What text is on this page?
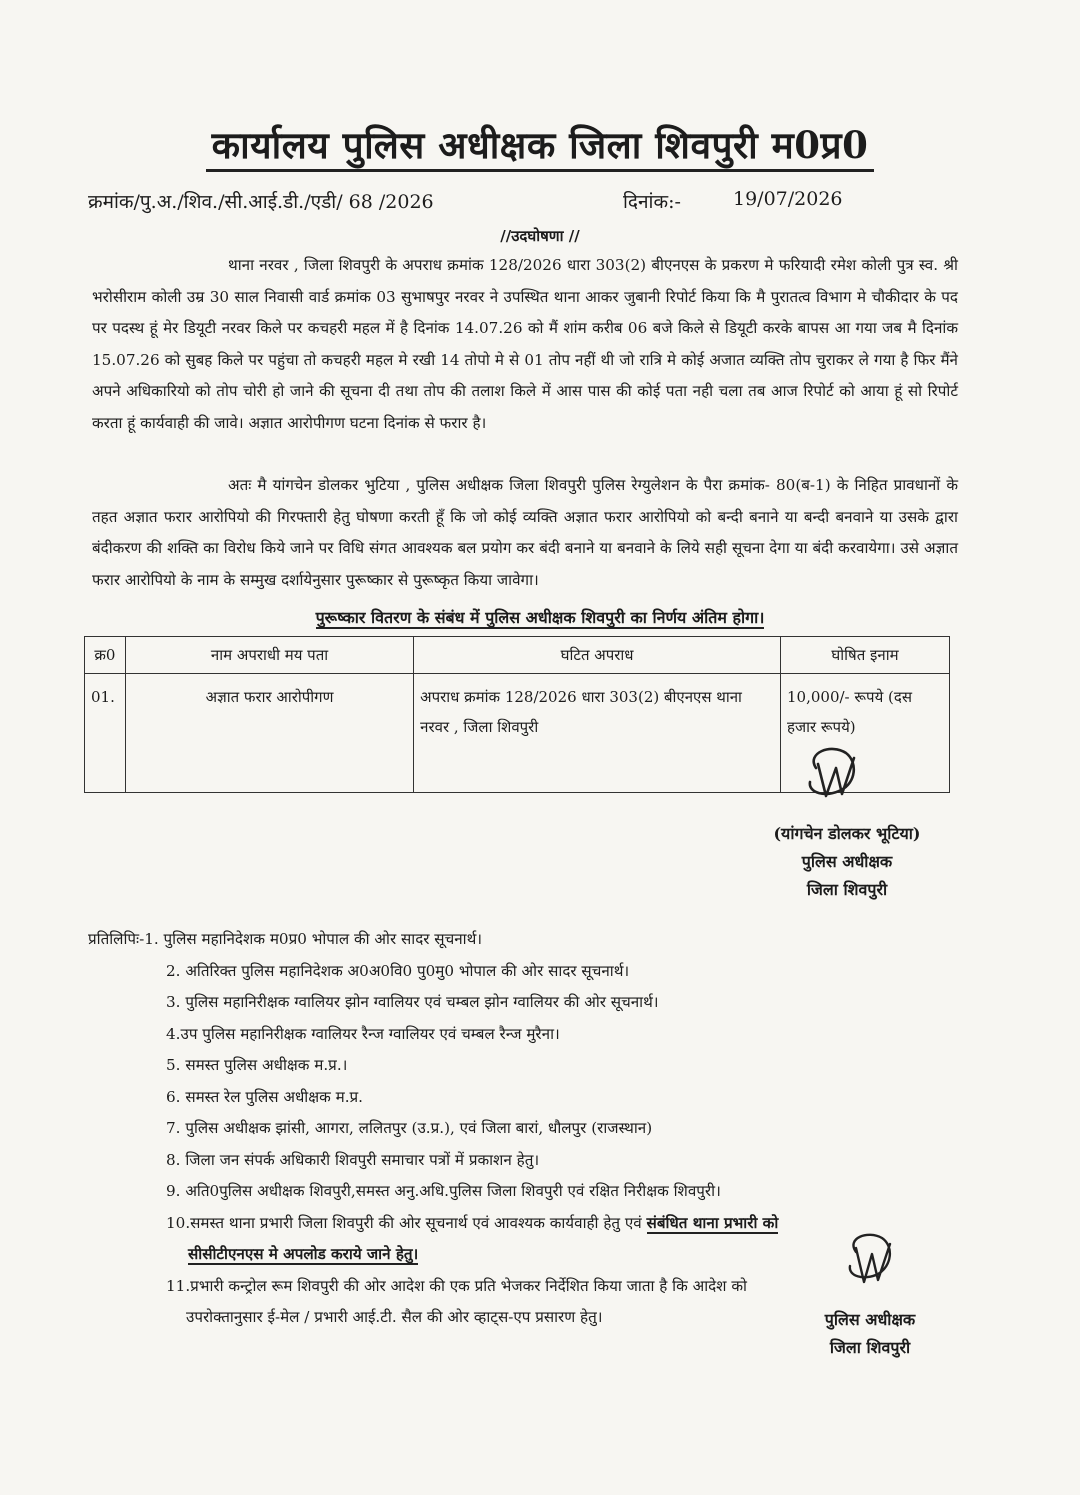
कार्यालय पुलिस अधीक्षक जिला शिवपुरी म0प्र0
क्रमांक/पु.अ./शिव./सी.आई.डी./एडी/ 68 /2026	दिनांक:-	19/07/2026
//उदघोषणा //
थाना नरवर , जिला शिवपुरी के अपराध क्रमांक 128/2026 धारा 303(2) बीएनएस के प्रकरण मे फरियादी रमेश कोली पुत्र स्व. श्री भरोसीराम कोली उम्र 30 साल निवासी वार्ड क्रमांक 03 सुभाषपुर नरवर ने उपस्थित थाना आकर जुबानी रिपोर्ट किया कि मै पुरातत्व विभाग मे चौकीदार के पद पर पदस्थ हूं मेर डियूटी नरवर किले पर कचहरी महल में है दिनांक 14.07.26 को मैं शांम करीब 06 बजे किले से डियूटी करके बापस आ गया जब मै दिनांक 15.07.26 को सुबह किले पर पहुंचा तो कचहरी महल मे रखी 14 तोपो मे से 01 तोप नहीं थी जो रात्रि मे कोई अजात व्यक्ति तोप चुराकर ले गया है फिर मैंने अपने अधिकारियो को तोप चोरी हो जाने की सूचना दी तथा तोप की तलाश किले में आस पास की कोई पता नही चला तब आज रिपोर्ट को आया हूं सो रिपोर्ट करता हूं कार्यवाही की जावे। अज्ञात आरोपीगण घटना दिनांक से फरार है।
अतः मै यांगचेन डोलकर भुटिया , पुलिस अधीक्षक जिला शिवपुरी पुलिस रेग्युलेशन के पैरा क्रमांक- 80(ब-1) के निहित प्रावधानों के तहत अज्ञात फरार आरोपियो की गिरफ्तारी हेतु घोषणा करती हूँ कि जो कोई व्यक्ति अज्ञात फरार आरोपियो को बन्दी बनाने या बन्दी बनवाने या उसके द्वारा बंदीकरण की शक्ति का विरोध किये जाने पर विधि संगत आवश्यक बल प्रयोग कर बंदी बनाने या बनवाने के लिये सही सूचना देगा या बंदी करवायेगा। उसे अज्ञात फरार आरोपियो के नाम के सम्मुख दर्शायेनुसार पुरूष्कार से पुरूष्कृत किया जावेगा।
पुरूष्कार वितरण के संबंध में पुलिस अधीक्षक शिवपुरी का निर्णय अंतिम होगा।
क्र0	नाम अपराधी मय पता	घटित अपराध	घोषित इनाम
01.	अज्ञात फरार आरोपीगण	अपराध क्रमांक 128/2026 धारा 303(2) बीएनएस थाना नरवर , जिला शिवपुरी	10,000/- रूपये (दस हजार रूपये)
(यांगचेन डोलकर भूटिया)
पुलिस अधीक्षक
जिला शिवपुरी
प्रतिलिपिः-1. पुलिस महानिदेशक म0प्र0 भोपाल की ओर सादर सूचनार्थ।
2. अतिरिक्त पुलिस महानिदेशक अ0अ0वि0 पु0मु0 भोपाल की ओर सादर सूचनार्थ।
3. पुलिस महानिरीक्षक ग्वालियर झोन ग्वालियर एवं चम्बल झोन ग्वालियर की ओर सूचनार्थ।
4.उप पुलिस महानिरीक्षक ग्वालियर रैन्ज ग्वालियर एवं चम्बल रैन्ज मुरैना।
5. समस्त पुलिस अधीक्षक म.प्र.।
6. समस्त रेल पुलिस अधीक्षक म.प्र.
7. पुलिस अधीक्षक झांसी, आगरा, ललितपुर (उ.प्र.), एवं जिला बारां, धौलपुर (राजस्थान)
8. जिला जन संपर्क अधिकारी शिवपुरी समाचार पत्रों में प्रकाशन हेतु।
9. अति0पुलिस अधीक्षक शिवपुरी,समस्त अनु.अधि.पुलिस जिला शिवपुरी एवं रक्षित निरीक्षक शिवपुरी।
10.समस्त थाना प्रभारी जिला शिवपुरी की ओर सूचनार्थ एवं आवश्यक कार्यवाही हेतु एवं संबंधित थाना प्रभारी को
सीसीटीएनएस मे अपलोड कराये जाने हेतु।
11.प्रभारी कन्ट्रोल रूम शिवपुरी की ओर आदेश की एक प्रति भेजकर निर्देशित किया जाता है कि आदेश को
उपरोक्तानुसार ई-मेल / प्रभारी आई.टी. सैल की ओर व्हाट्स-एप प्रसारण हेतु।	पुलिस अधीक्षक
जिला शिवपुरी
